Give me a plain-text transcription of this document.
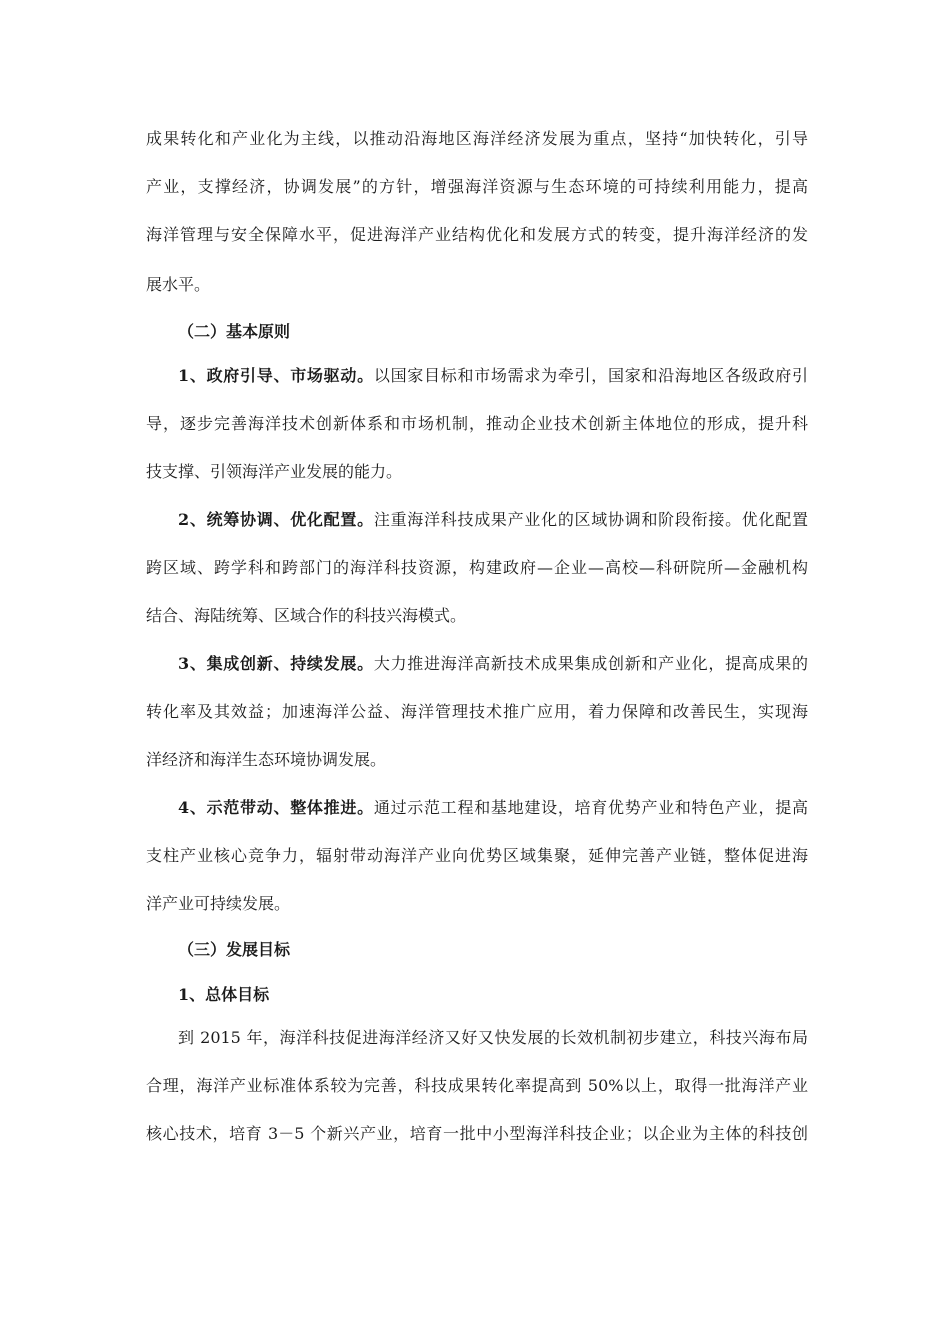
成果转化和产业化为主线，以推动沿海地区海洋经济发展为重点，坚持“加快转化，引导
产业，支撑经济，协调发展”的方针，增强海洋资源与生态环境的可持续利用能力，提高
海洋管理与安全保障水平，促进海洋产业结构优化和发展方式的转变，提升海洋经济的发
展水平。
（二）基本原则
1、政府引导、市场驱动。以国家目标和市场需求为牵引，国家和沿海地区各级政府引
导，逐步完善海洋技术创新体系和市场机制，推动企业技术创新主体地位的形成，提升科
技支撑、引领海洋产业发展的能力。
2、统筹协调、优化配置。注重海洋科技成果产业化的区域协调和阶段衔接。优化配置
跨区域、跨学科和跨部门的海洋科技资源，构建政府—企业—高校—科研院所—金融机构
结合、海陆统筹、区域合作的科技兴海模式。
3、集成创新、持续发展。大力推进海洋高新技术成果集成创新和产业化，提高成果的
转化率及其效益；加速海洋公益、海洋管理技术推广应用，着力保障和改善民生，实现海
洋经济和海洋生态环境协调发展。
4、示范带动、整体推进。通过示范工程和基地建设，培育优势产业和特色产业，提高
支柱产业核心竞争力，辐射带动海洋产业向优势区域集聚，延伸完善产业链，整体促进海
洋产业可持续发展。
（三）发展目标
1、总体目标
到 2015 年，海洋科技促进海洋经济又好又快发展的长效机制初步建立，科技兴海布局
合理，海洋产业标准体系较为完善，科技成果转化率提高到 50%以上，取得一批海洋产业
核心技术，培育 3－5 个新兴产业，培育一批中小型海洋科技企业；以企业为主体的科技创
